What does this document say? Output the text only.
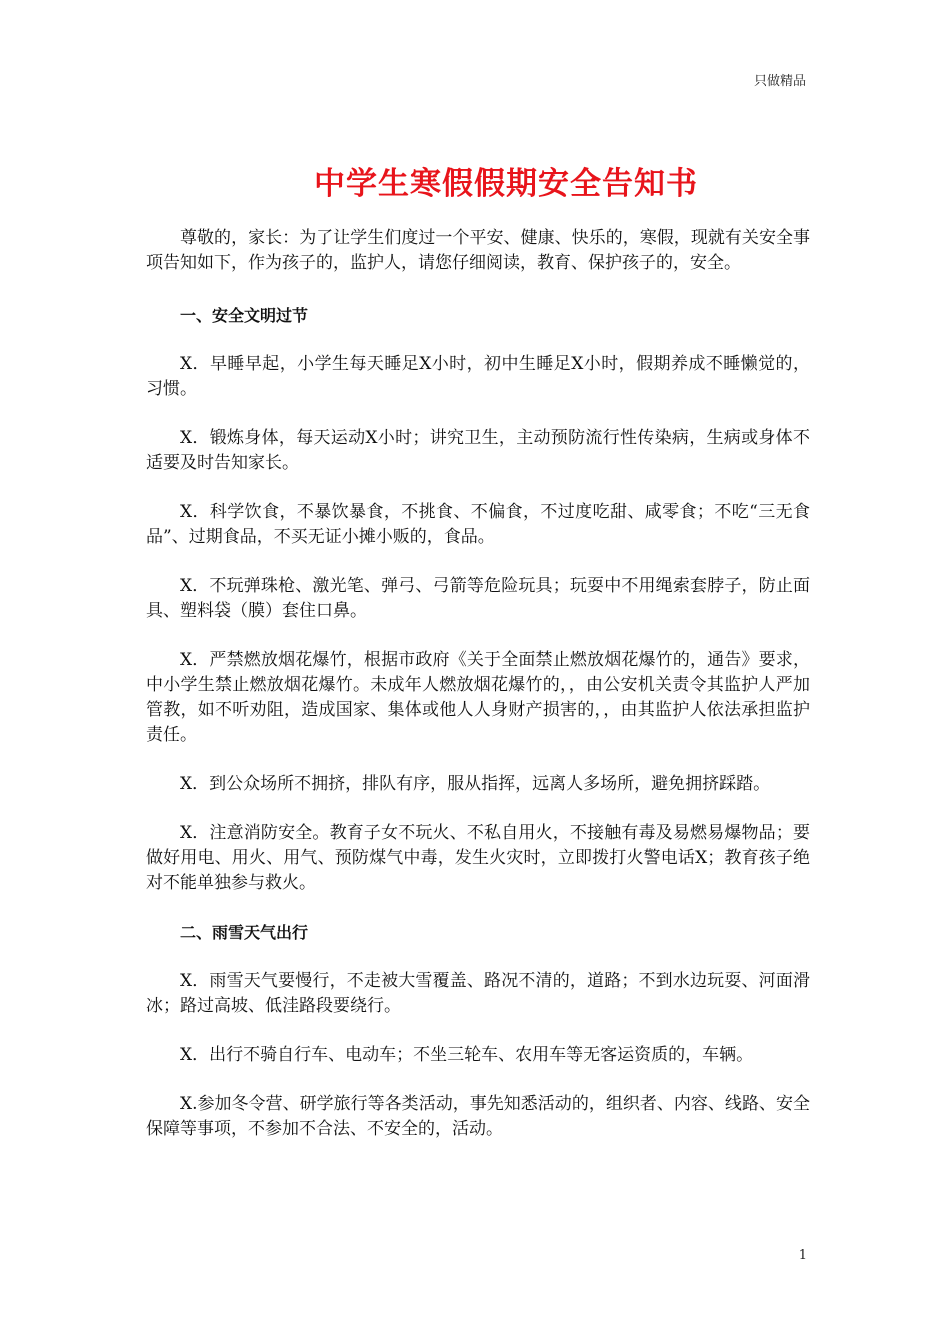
只做精品
中学生寒假假期安全告知书

尊敬的，家长：为了让学生们度过一个平安、健康、快乐的，寒假，现就有关安全事项告知如下，作为孩子的，监护人，请您仔细阅读，教育、保护孩子的，安全。

一、安全文明过节

X．早睡早起，小学生每天睡足X小时，初中生睡足X小时，假期养成不睡懒觉的，习惯。

X．锻炼身体，每天运动X小时；讲究卫生，主动预防流行性传染病，生病或身体不适要及时告知家长。

X．科学饮食，不暴饮暴食，不挑食、不偏食，不过度吃甜、咸零食；不吃“三无食品”、过期食品，不买无证小摊小贩的，食品。

X．不玩弹珠枪、激光笔、弹弓、弓箭等危险玩具；玩耍中不用绳索套脖子，防止面具、塑料袋（膜）套住口鼻。

X．严禁燃放烟花爆竹，根据市政府《关于全面禁止燃放烟花爆竹的，通告》要求，中小学生禁止燃放烟花爆竹。未成年人燃放烟花爆竹的，，由公安机关责令其监护人严加管教，如不听劝阻，造成国家、集体或他人人身财产损害的，，由其监护人依法承担监护责任。

X．到公众场所不拥挤，排队有序，服从指挥，远离人多场所，避免拥挤踩踏。

X．注意消防安全。教育子女不玩火、不私自用火，不接触有毒及易燃易爆物品；要做好用电、用火、用气、预防煤气中毒，发生火灾时，立即拨打火警电话X；教育孩子绝对不能单独参与救火。

二、雨雪天气出行

X．雨雪天气要慢行，不走被大雪覆盖、路况不清的，道路；不到水边玩耍、河面滑冰；路过高坡、低洼路段要绕行。

X．出行不骑自行车、电动车；不坐三轮车、农用车等无客运资质的，车辆。

X.参加冬令营、研学旅行等各类活动，事先知悉活动的，组织者、内容、线路、安全保障等事项，不参加不合法、不安全的，活动。

1
